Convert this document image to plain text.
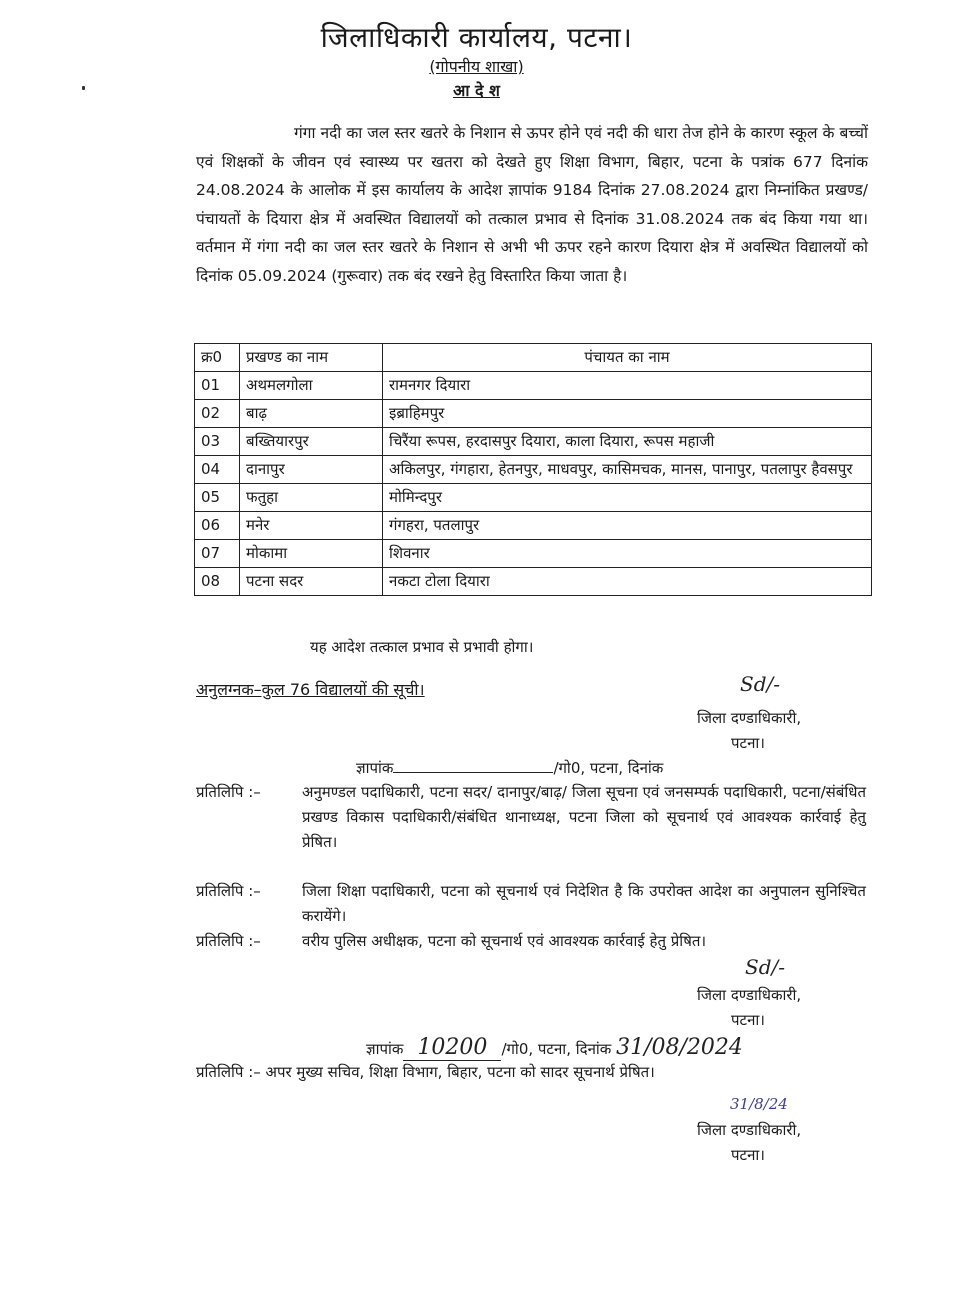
जिलाधिकारी कार्यालय, पटना।
(गोपनीय शाखा)
आ दे श
गंगा नदी का जल स्तर खतरे के निशान से ऊपर होने एवं नदी की धारा तेज होने के कारण स्कूल के बच्चों एवं शिक्षकों के जीवन एवं स्वास्थ्य पर खतरा को देखते हुए शिक्षा विभाग, बिहार, पटना के पत्रांक 677 दिनांक 24.08.2024 के आलोक में इस कार्यालय के आदेश ज्ञापांक 9184 दिनांक 27.08.2024 द्वारा निम्नांकित प्रखण्ड/पंचायतों के दियारा क्षेत्र में अवस्थित विद्यालयों को तत्काल प्रभाव से दिनांक 31.08.2024 तक बंद किया गया था। वर्तमान में गंगा नदी का जल स्तर खतरे के निशान से अभी भी ऊपर रहने कारण दियारा क्षेत्र में अवस्थित विद्यालयों को दिनांक 05.09.2024 (गुरूवार) तक बंद रखने हेतु विस्तारित किया जाता है।
क्र0	प्रखण्ड का नाम	पंचायत का नाम
01	अथमलगोला	रामनगर दियारा
02	बाढ़	इब्राहिमपुर
03	बख्तियारपुर	चिरैंया रूपस, हरदासपुर दियारा, काला दियारा, रूपस महाजी
04	दानापुर	अकिलपुर, गंगहारा, हेतनपुर, माधवपुर, कासिमचक, मानस, पानापुर, पतलापुर हैवसपुर
05	फतुहा	मोमिन्दपुर
06	मनेर	गंगहरा, पतलापुर
07	मोकामा	शिवनार
08	पटना सदर	नकटा टोला दियारा
यह आदेश तत्काल प्रभाव से प्रभावी होगा।
अनुलग्नक–कुल 76 विद्यालयों की सूची।	Sd/-
जिला दण्डाधिकारी,
पटना।
ज्ञापांक	/गो0, पटना, दिनांक
प्रतिलिपि :–	अनुमण्डल पदाधिकारी, पटना सदर/ दानापुर/बाढ़/ जिला सूचना एवं जनसम्पर्क पदाधिकारी, पटना/संबंधित प्रखण्ड विकास पदाधिकारी/संबंधित थानाध्यक्ष, पटना जिला को सूचनार्थ एवं आवश्यक कार्रवाई हेतु प्रेषित।
प्रतिलिपि :–	जिला शिक्षा पदाधिकारी, पटना को सूचनार्थ एवं निदेशित है कि उपरोक्त आदेश का अनुपालन सुनिश्चित करायेंगे।
प्रतिलिपि :–	वरीय पुलिस अधीक्षक, पटना को सूचनार्थ एवं आवश्यक कार्रवाई हेतु प्रेषित।
Sd/-
जिला दण्डाधिकारी,
पटना।
ज्ञापांक 10200 /गो0, पटना, दिनांक 31/08/2024
प्रतिलिपि :– अपर मुख्य सचिव, शिक्षा विभाग, बिहार, पटना को सादर सूचनार्थ प्रेषित।
31/8/24
जिला दण्डाधिकारी,
पटना।
